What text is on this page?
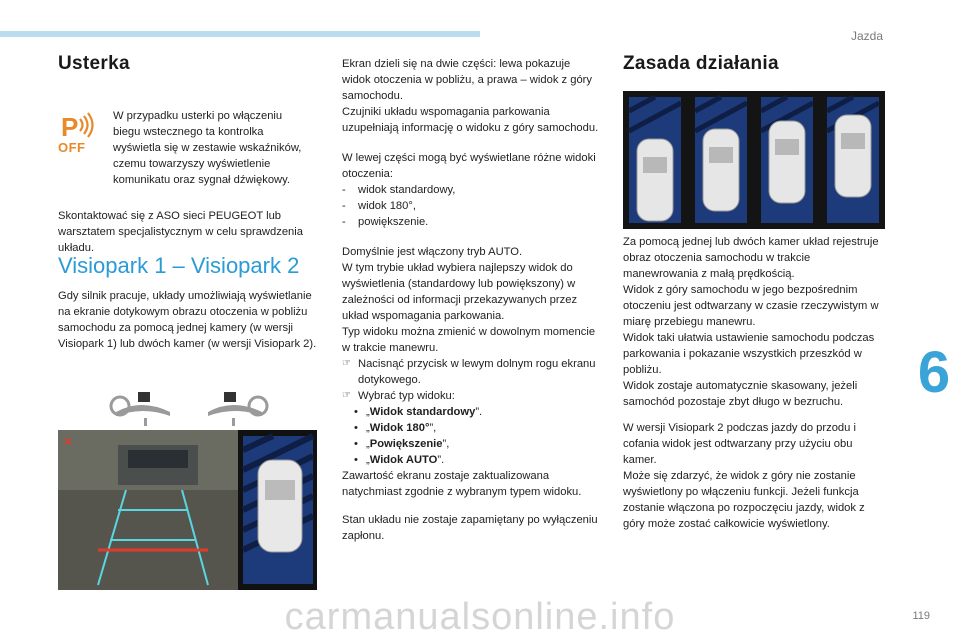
Jazda
6
119
Usterka
P
OFF
W przypadku usterki po włączeniu biegu wstecznego ta kontrolka wyświetla się w zestawie wskaźników, czemu towarzyszy wyświetlenie komunikatu oraz sygnał dźwiękowy.

Skontaktować się z ASO sieci PEUGEOT lub warsztatem specjalistycznym w celu sprawdzenia układu.

Visiopark 1 – Visiopark 2

Gdy silnik pracuje, układy umożliwiają wyświetlanie na ekranie dotykowym obrazu otoczenia w pobliżu samochodu za pomocą jednej kamery (w wersji Visiopark 1) lub dwóch kamer (w wersji Visiopark 2).

×

Ekran dzieli się na dwie części: lewa pokazuje widok otoczenia w pobliżu, a prawa – widok z góry samochodu.

Czujniki układu wspomagania parkowania uzupełniają informację o widoku z góry samochodu.

W lewej części mogą być wyświetlane różne widoki otoczenia:

- widok standardowy,
- widok 180°,
- powiększenie.

Domyślnie jest włączony tryb AUTO.

W tym trybie układ wybiera najlepszy widok do wyświetlenia (standardowy lub powiększony) w zależności od informacji przekazywanych przez układ wspomagania parkowania.

Typ widoku można zmienić w dowolnym momencie w trakcie manewru.

☞ Nacisnąć przycisk w lewym dolnym rogu ekranu dotykowego.
☞ Wybrać typ widoku:
• „Widok standardowy”.
• „Widok 180°”,
• „Powiększenie”,
• „Widok AUTO”.

Zawartość ekranu zostaje zaktualizowana natychmiast zgodnie z wybranym typem widoku.

Stan układu nie zostaje zapamiętany po wyłączeniu zapłonu.

Zasada działania

Za pomocą jednej lub dwóch kamer układ rejestruje obraz otoczenia samochodu w trakcie manewrowania z małą prędkością.

Widok z góry samochodu w jego bezpośrednim otoczeniu jest odtwarzany w czasie rzeczywistym w miarę przebiegu manewru.

Widok taki ułatwia ustawienie samochodu podczas parkowania i pokazanie wszystkich przeszkód w pobliżu.

Widok zostaje automatycznie skasowany, jeżeli samochód pozostaje zbyt długo w bezruchu.

W wersji Visiopark 2 podczas jazdy do przodu i cofania widok jest odtwarzany przy użyciu obu kamer.

Może się zdarzyć, że widok z góry nie zostanie wyświetlony po włączeniu funkcji. Jeżeli funkcja zostanie włączona po rozpoczęciu jazdy, widok z góry może zostać całkowicie wyświetlony.

carmanualsonline.info
